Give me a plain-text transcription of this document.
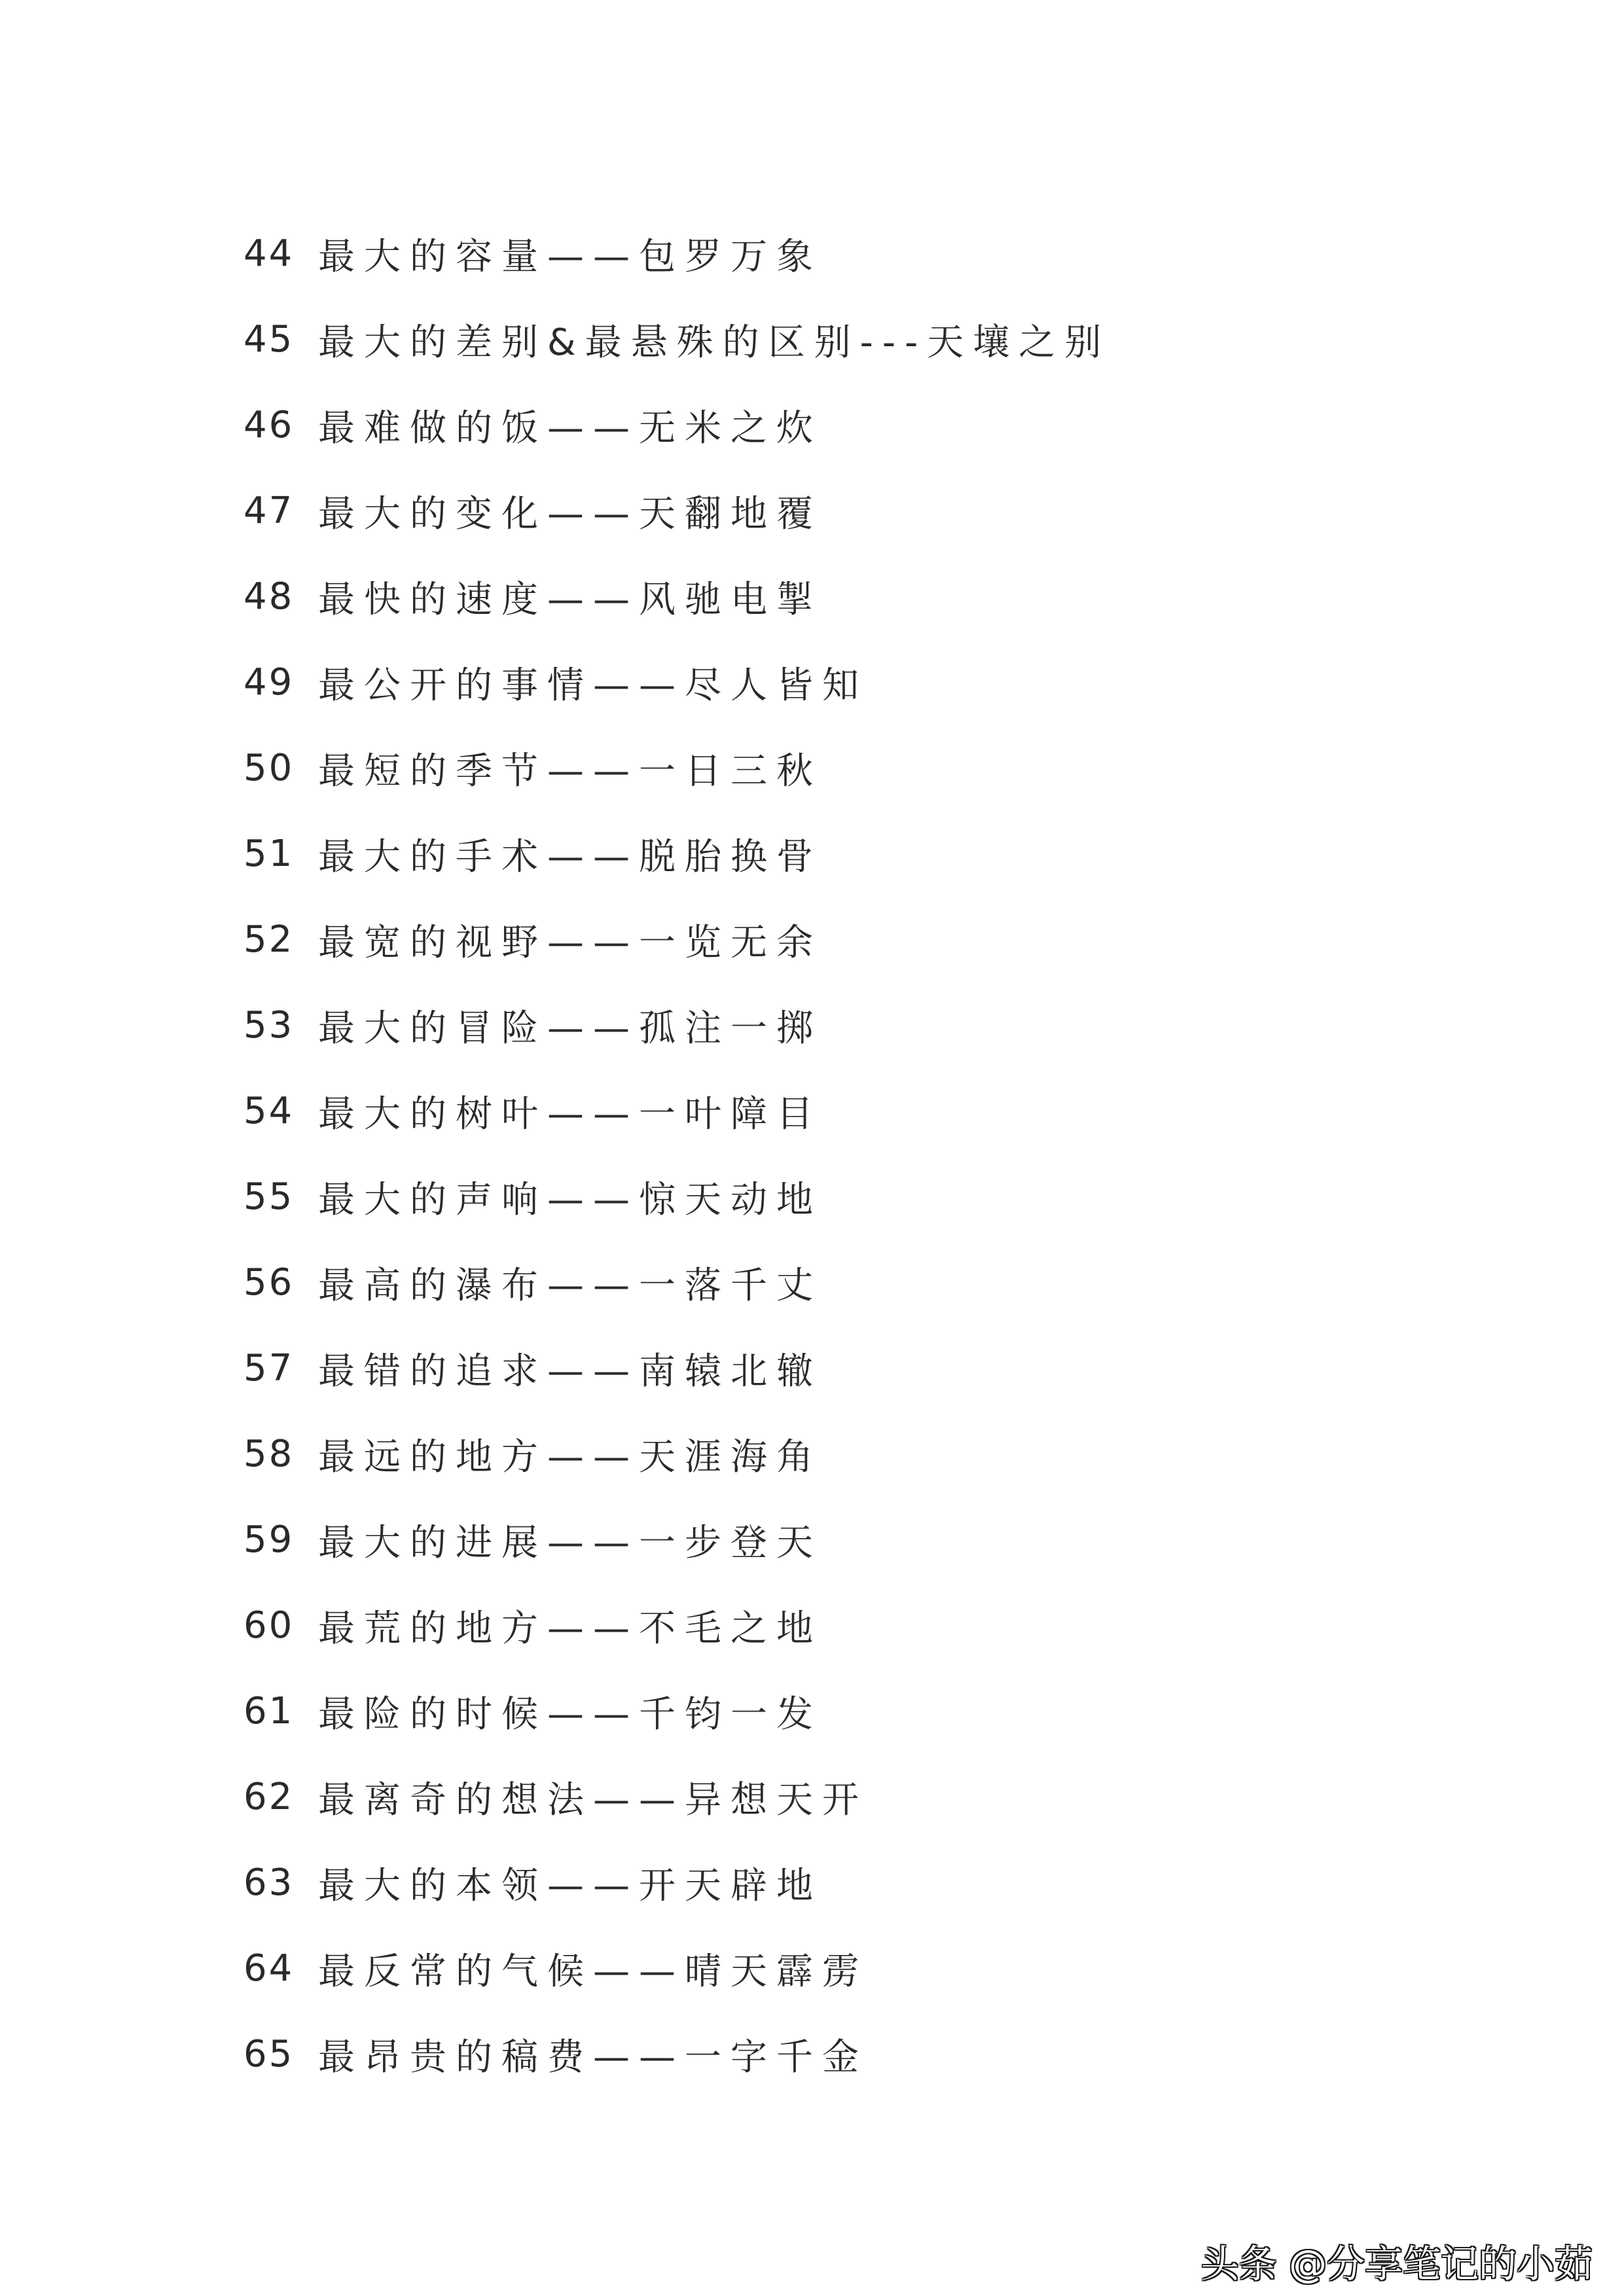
44 最大的容量——包罗万象
45 最大的差别&最悬殊的区别---天壤之别
46 最难做的饭——无米之炊
47 最大的变化——天翻地覆
48 最快的速度——风驰电掣
49 最公开的事情——尽人皆知
50 最短的季节——一日三秋
51 最大的手术——脱胎换骨
52 最宽的视野——一览无余
53 最大的冒险——孤注一掷
54 最大的树叶——一叶障目
55 最大的声响——惊天动地
56 最高的瀑布——一落千丈
57 最错的追求——南辕北辙
58 最远的地方——天涯海角
59 最大的进展——一步登天
60 最荒的地方——不毛之地
61 最险的时候——千钧一发
62 最离奇的想法——异想天开
63 最大的本领——开天辟地
64 最反常的气候——晴天霹雳
65 最昂贵的稿费——一字千金
头条 @分享笔记的小茹
